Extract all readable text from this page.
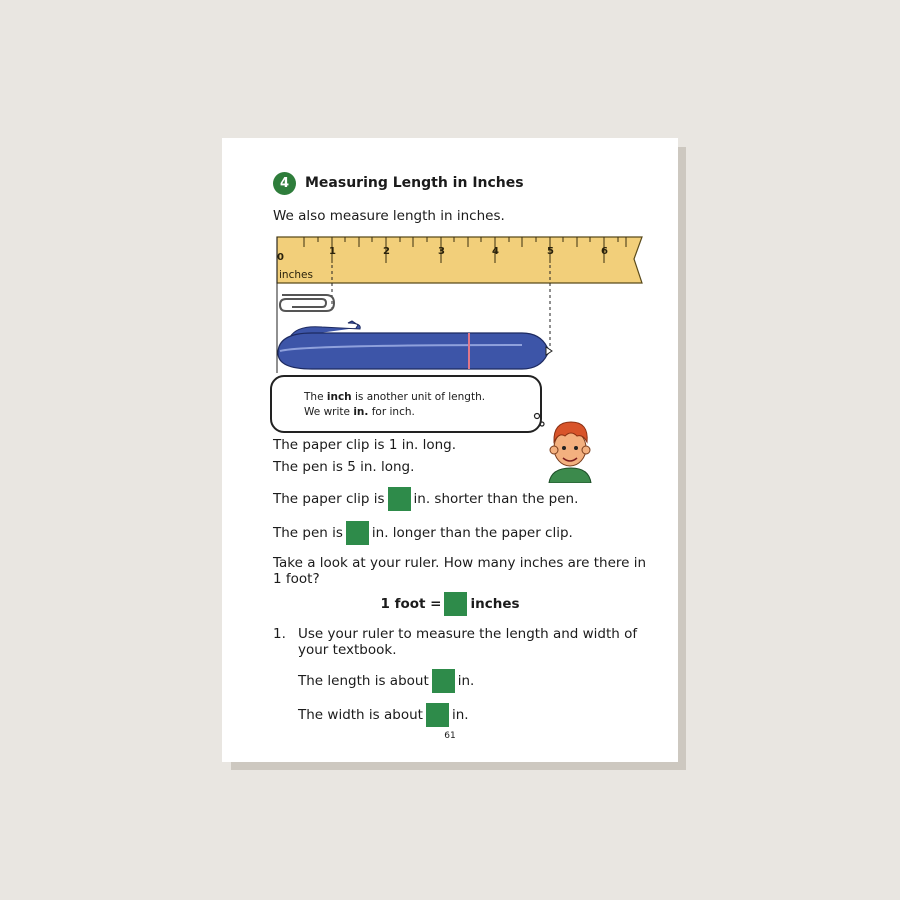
4	Measuring Length in Inches
We also measure length in inches.
0
1	2	3	4	5	6
inches
The inch is another unit of length.
We write in. for inch.
The paper clip is 1 in. long.
The pen is 5 in. long.
The paper clip is in. shorter than the pen.
The pen is in. longer than the paper clip.
Take a look at your ruler. How many inches are there in
1 foot?
1 foot = inches
1. Use your ruler to measure the length and width of
your textbook.
The length is about in.
The width is about in.
61
